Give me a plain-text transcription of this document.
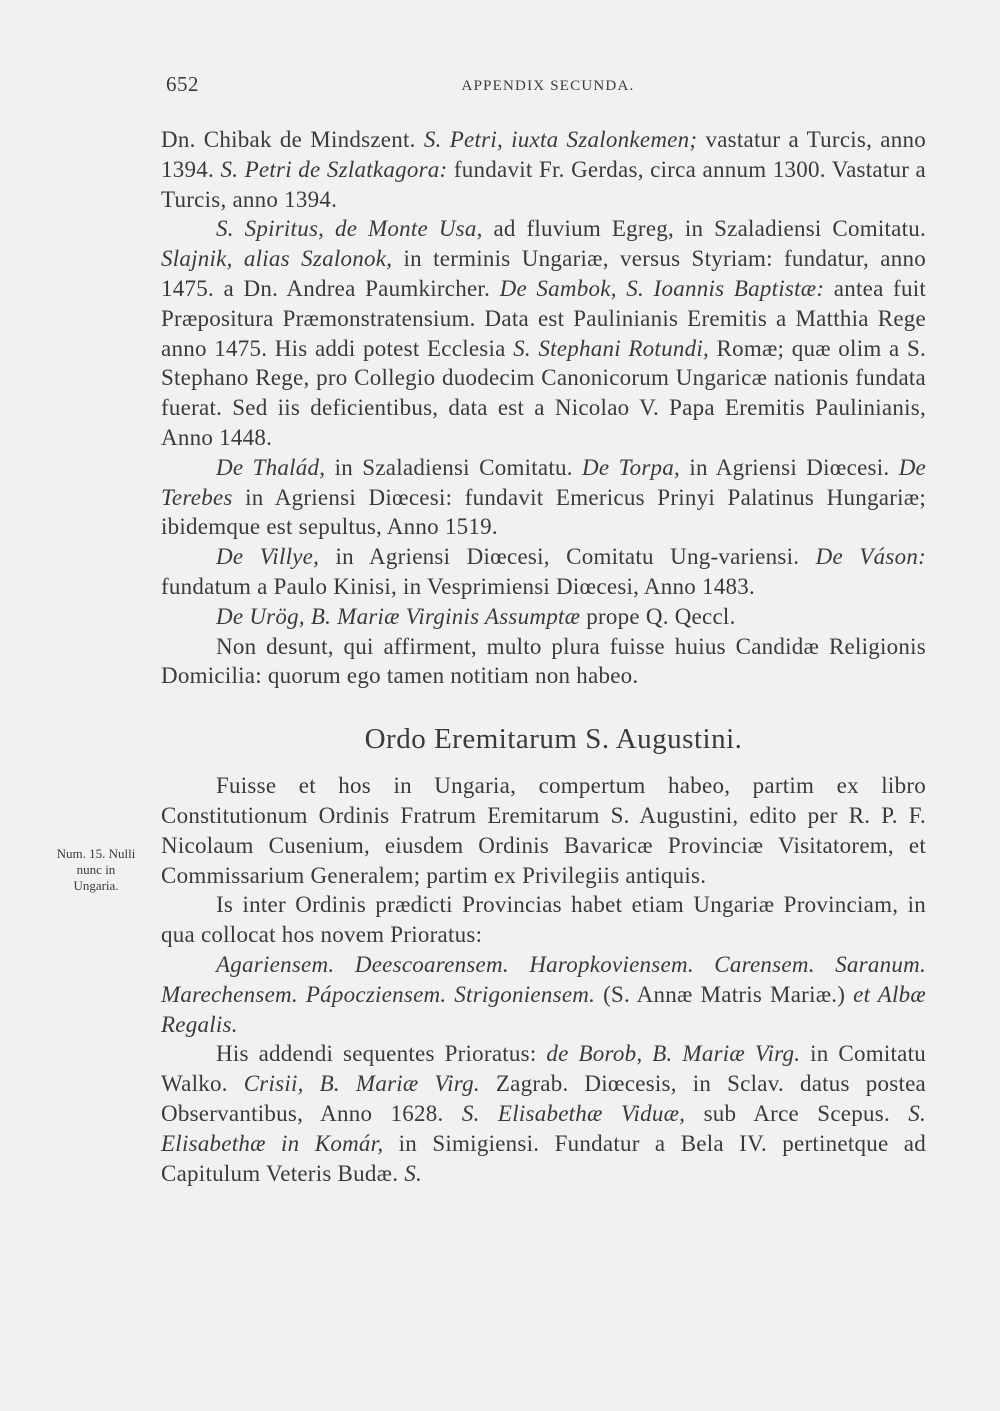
652	APPENDIX SECUNDA.
Num. 15. Nulli
nunc in
Ungaria.

Dn. Chibak de Mindszent. S. Petri, iuxta Szalonkemen; vastatur a Turcis, anno 1394. S. Petri de Szlatkagora: fundavit Fr. Gerdas, circa annum 1300. Vastatur a Turcis, anno 1394.

S. Spiritus, de Monte Usa, ad fluvium Egreg, in Szaladiensi Comitatu. Slajnik, alias Szalonok, in terminis Ungariæ, versus Styriam: fundatur, anno 1475. a Dn. Andrea Paumkircher. De Sambok, S. Ioannis Baptistæ: antea fuit Præpositura Præmonstratensium. Data est Paulinianis Eremitis a Matthia Rege anno 1475. His addi potest Ecclesia S. Stephani Rotundi, Romæ; quæ olim a S. Stephano Rege, pro Collegio duodecim Canonicorum Ungaricæ nationis fundata fuerat. Sed iis deficientibus, data est a Nicolao V. Papa Eremitis Paulinianis, Anno 1448.

De Thalád, in Szaladiensi Comitatu. De Torpa, in Agriensi Diœcesi. De Terebes in Agriensi Diœcesi: fundavit Emericus Prinyi Palatinus Hungariæ; ibidemque est sepultus, Anno 1519.

De Villye, in Agriensi Diœcesi, Comitatu Ung-variensi. De Váson: fundatum a Paulo Kinisi, in Vesprimiensi Diœcesi, Anno 1483.

De Urög, B. Mariæ Virginis Assumptæ prope Q. Qeccl.

Non desunt, qui affirment, multo plura fuisse huius Candidæ Religionis Domicilia: quorum ego tamen notitiam non habeo.

Ordo Eremitarum S. Augustini.

Fuisse et hos in Ungaria, compertum habeo, partim ex libro Constitutionum Ordinis Fratrum Eremitarum S. Augustini, edito per R. P. F. Nicolaum Cusenium, eiusdem Ordinis Bavaricæ Provinciæ Visitatorem, et Commissarium Generalem; partim ex Privilegiis antiquis.

Is inter Ordinis prædicti Provincias habet etiam Ungariæ Provinciam, in qua collocat hos novem Prioratus:

Agariensem. Deescoarensem. Haropkoviensem. Carensem. Saranum. Marechensem. Pápocziensem. Strigoniensem. (S. Annæ Matris Mariæ.) et Albæ Regalis.

His addendi sequentes Prioratus: de Borob, B. Mariæ Virg. in Comitatu Walko. Crisii, B. Mariæ Virg. Zagrab. Diœcesis, in Sclav. datus postea Observantibus, Anno 1628. S. Elisabethæ Viduæ, sub Arce Scepus. S. Elisabethæ in Komár, in Simigiensi. Fundatur a Bela IV. pertinetque ad Capitulum Veteris Budæ. S.
